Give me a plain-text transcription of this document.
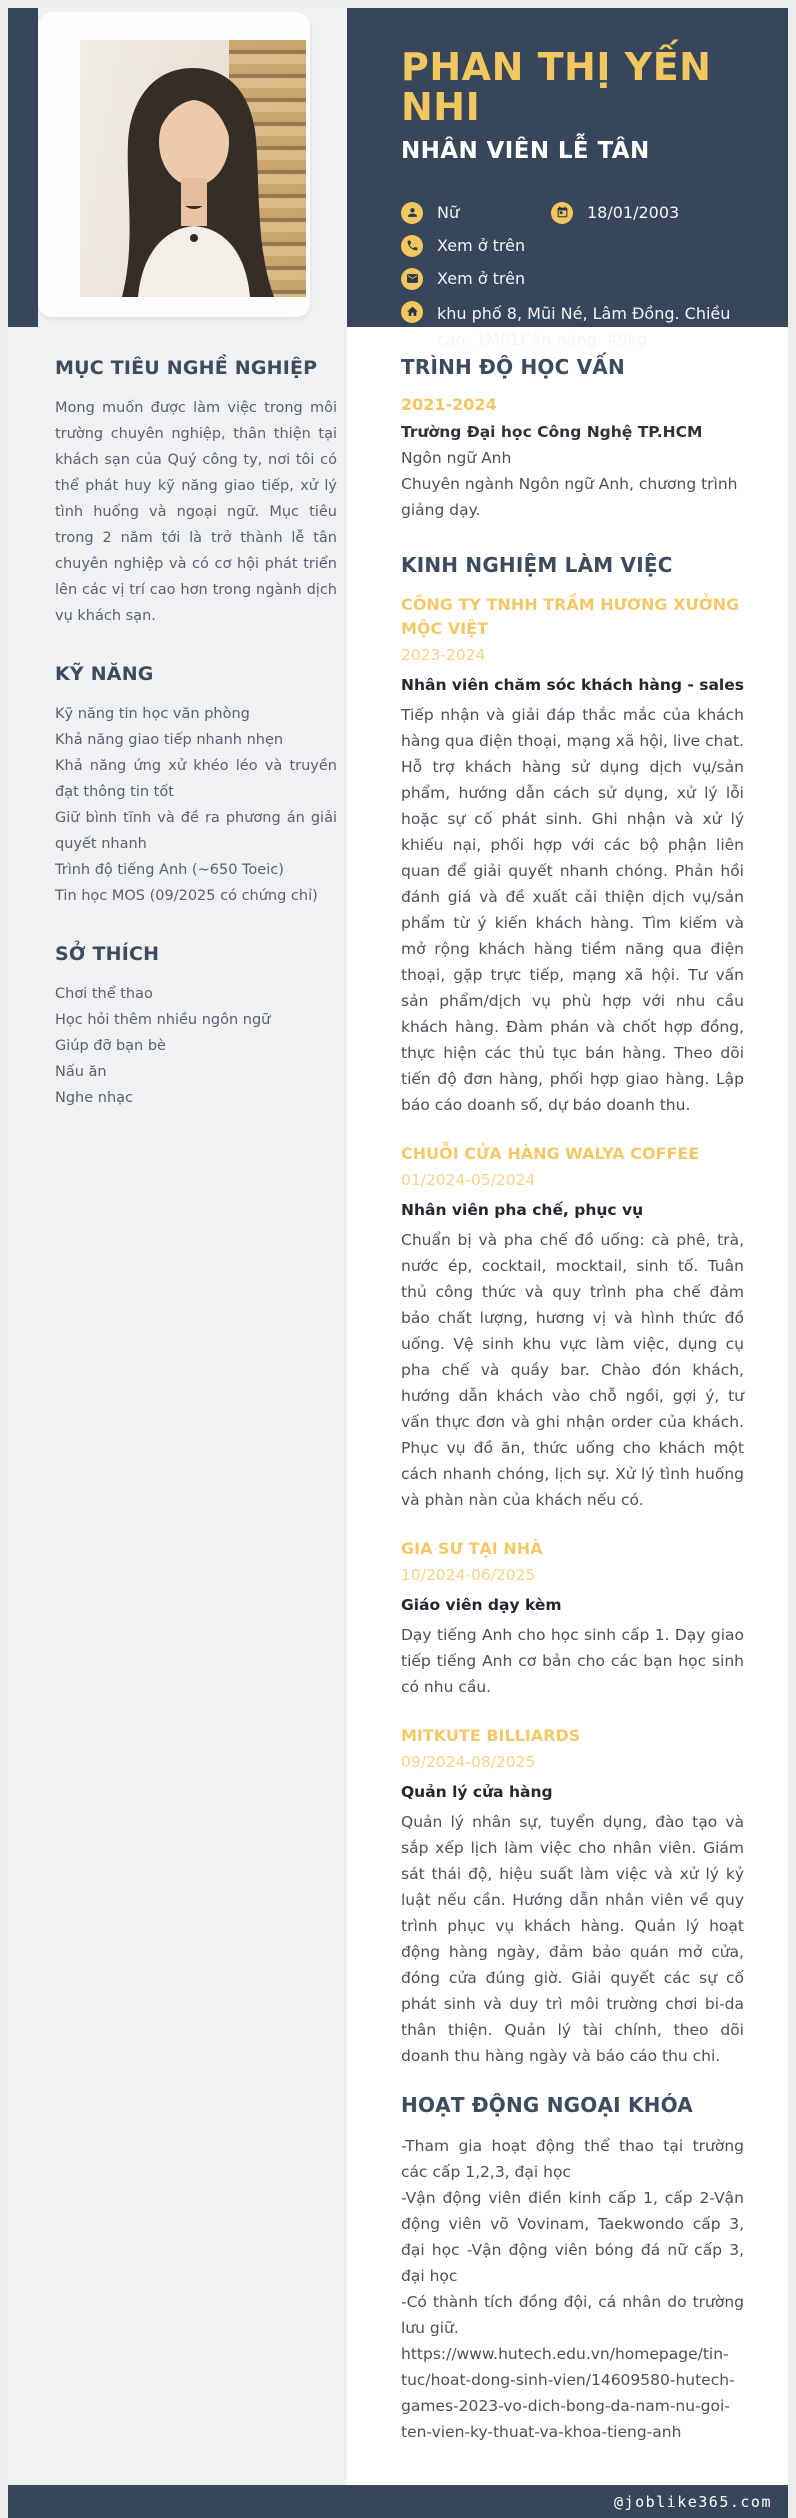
PHAN THỊ YẾN NHI
NHÂN VIÊN LỄ TÂN
Nữ	18/01/2003
Xem ở trên
Xem ở trên
khu phố 8, Mũi Né, Lâm Đồng. Chiều cao: 1M61Cân nặng: 49kg
MỤC TIÊU NGHỀ NGHIỆP

Mong muốn được làm việc trong môi trường chuyên nghiệp, thân thiện tại khách sạn của Quý công ty, nơi tôi có thể phát huy kỹ năng giao tiếp, xử lý tình huống và ngoại ngữ. Mục tiêu trong 2 năm tới là trở thành lễ tân chuyên nghiệp và có cơ hội phát triển lên các vị trí cao hơn trong ngành dịch vụ khách sạn.

KỸ NĂNG
Kỹ năng tin học văn phòng
Khả năng giao tiếp nhanh nhẹn
Khả năng ứng xử khéo léo và truyền đạt thông tin tốt
Giữ bình tĩnh và đề ra phương án giải quyết nhanh
Trình độ tiếng Anh (~650 Toeic)
Tin học MOS (09/2025 có chứng chỉ)
SỞ THÍCH
Chơi thể thao
Học hỏi thêm nhiều ngôn ngữ
Giúp đỡ bạn bè
Nấu ăn
Nghe nhạc
TRÌNH ĐỘ HỌC VẤN
2021-2024
Trường Đại học Công Nghệ TP.HCM
Ngôn ngữ Anh
Chuyên ngành Ngôn ngữ Anh, chương trình giảng dạy.
KINH NGHIỆM LÀM VIỆC
CÔNG TY TNHH TRẦM HƯƠNG XƯỞNG MỘC VIỆT
2023-2024
Nhân viên chăm sóc khách hàng - sales

Tiếp nhận và giải đáp thắc mắc của khách hàng qua điện thoại, mạng xã hội, live chat. Hỗ trợ khách hàng sử dụng dịch vụ/sản phẩm, hướng dẫn cách sử dụng, xử lý lỗi hoặc sự cố phát sinh. Ghi nhận và xử lý khiếu nại, phối hợp với các bộ phận liên quan để giải quyết nhanh chóng. Phản hồi đánh giá và đề xuất cải thiện dịch vụ/sản phẩm từ ý kiến khách hàng. Tìm kiếm và mở rộng khách hàng tiềm năng qua điện thoại, gặp trực tiếp, mạng xã hội. Tư vấn sản phẩm/dịch vụ phù hợp với nhu cầu khách hàng. Đàm phán và chốt hợp đồng, thực hiện các thủ tục bán hàng. Theo dõi tiến độ đơn hàng, phối hợp giao hàng. Lập báo cáo doanh số, dự báo doanh thu.

CHUỖI CỬA HÀNG WALYA COFFEE
01/2024-05/2024
Nhân viên pha chế, phục vụ

Chuẩn bị và pha chế đồ uống: cà phê, trà, nước ép, cocktail, mocktail, sinh tố. Tuân thủ công thức và quy trình pha chế đảm bảo chất lượng, hương vị và hình thức đồ uống. Vệ sinh khu vực làm việc, dụng cụ pha chế và quầy bar. Chào đón khách, hướng dẫn khách vào chỗ ngồi, gợi ý, tư vấn thực đơn và ghi nhận order của khách. Phục vụ đồ ăn, thức uống cho khách một cách nhanh chóng, lịch sự. Xử lý tình huống và phàn nàn của khách nếu có.

GIA SƯ TẠI NHÀ
10/2024-06/2025
Giáo viên dạy kèm

Dạy tiếng Anh cho học sinh cấp 1. Dạy giao tiếp tiếng Anh cơ bản cho các bạn học sinh có nhu cầu.

MITKUTE BILLIARDS
09/2024-08/2025
Quản lý cửa hàng

Quản lý nhân sự, tuyển dụng, đào tạo và sắp xếp lịch làm việc cho nhân viên. Giám sát thái độ, hiệu suất làm việc và xử lý kỷ luật nếu cần. Hướng dẫn nhân viên về quy trình phục vụ khách hàng. Quản lý hoạt động hàng ngày, đảm bảo quán mở cửa, đóng cửa đúng giờ. Giải quyết các sự cố phát sinh và duy trì môi trường chơi bi-da thân thiện. Quản lý tài chính, theo dõi doanh thu hàng ngày và báo cáo thu chi.

HOẠT ĐỘNG NGOẠI KHÓA

-Tham gia hoạt động thể thao tại trường các cấp 1,2,3, đại học

-Vận động viên điền kinh cấp 1, cấp 2-Vận động viên võ Vovinam, Taekwondo cấp 3, đại học -Vận động viên bóng đá nữ cấp 3, đại học

-Có thành tích đồng đội, cá nhân do trường lưu giữ.

https://www.hutech.edu.vn/homepage/tin-tuc/hoat-dong-sinh-vien/14609580-hutech-games-2023-vo-dich-bong-da-nam-nu-goi-ten-vien-ky-thuat-va-khoa-tieng-anh

@joblike365.com
